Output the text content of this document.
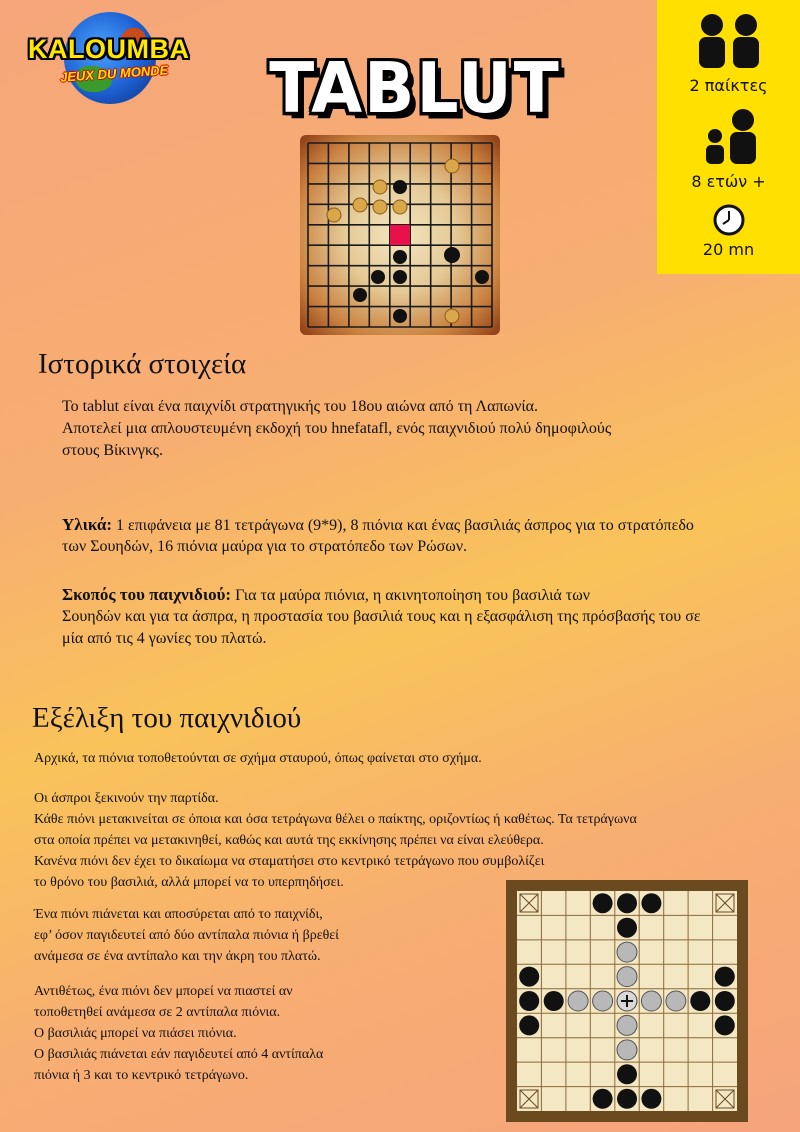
KALOUMBA
JEUX DU MONDE TABLUT	2 παίκτες
8 ετών +
20 mn
Ιστορικά στοιχεία

Το tablut είναι ένα παιχνίδι στρατηγικής του 18ου αιώνα από τη Λαπωνία.

Αποτελεί μια απλουστευμένη εκδοχή του hnefatafl, ενός παιχνιδιού πολύ δημοφιλούς

στους Βίκινγκς.

Υλικά: 1 επιφάνεια με 81 τετράγωνα (9*9), 8 πιόνια και ένας βασιλιάς άσπρος για το στρατόπεδο

των Σουηδών, 16 πιόνια μαύρα για το στρατόπεδο των Ρώσων.

Σκοπός του παιχνιδιού: Για τα μαύρα πιόνια, η ακινητοποίηση του βασιλιά των

Σουηδών και για τα άσπρα, η προστασία του βασιλιά τους και η εξασφάλιση της πρόσβασής του σε

μία από τις 4 γωνίες του πλατώ.

Εξέλιξη του παιχνιδιού

Αρχικά, τα πιόνια τοποθετούνται σε σχήμα σταυρού, όπως φαίνεται στο σχήμα.

Οι άσπροι ξεκινούν την παρτίδα.

Κάθε πιόνι μετακινείται σε όποια και όσα τετράγωνα θέλει ο παίκτης, οριζοντίως ή καθέτως. Τα τετράγωνα

στα οποία πρέπει να μετακινηθεί, καθώς και αυτά της εκκίνησης πρέπει να είναι ελεύθερα.

Κανένα πιόνι δεν έχει το δικαίωμα να σταματήσει στο κεντρικό τετράγωνο που συμβολίζει

το θρόνο του βασιλιά, αλλά μπορεί να το υπερπηδήσει.

Ένα πιόνι πιάνεται και αποσύρεται από το παιχνίδι,

εφ’ όσον παγιδευτεί από δύο αντίπαλα πιόνια ή βρεθεί

ανάμεσα σε ένα αντίπαλο και την άκρη του πλατώ.

Αντιθέτως, ένα πιόνι δεν μπορεί να πιαστεί αν

τοποθετηθεί ανάμεσα σε 2 αντίπαλα πιόνια.

Ο βασιλιάς μπορεί να πιάσει πιόνια.

Ο βασιλιάς πιάνεται εάν παγιδευτεί από 4 αντίπαλα

πιόνια ή 3 και το κεντρικό τετράγωνο.
